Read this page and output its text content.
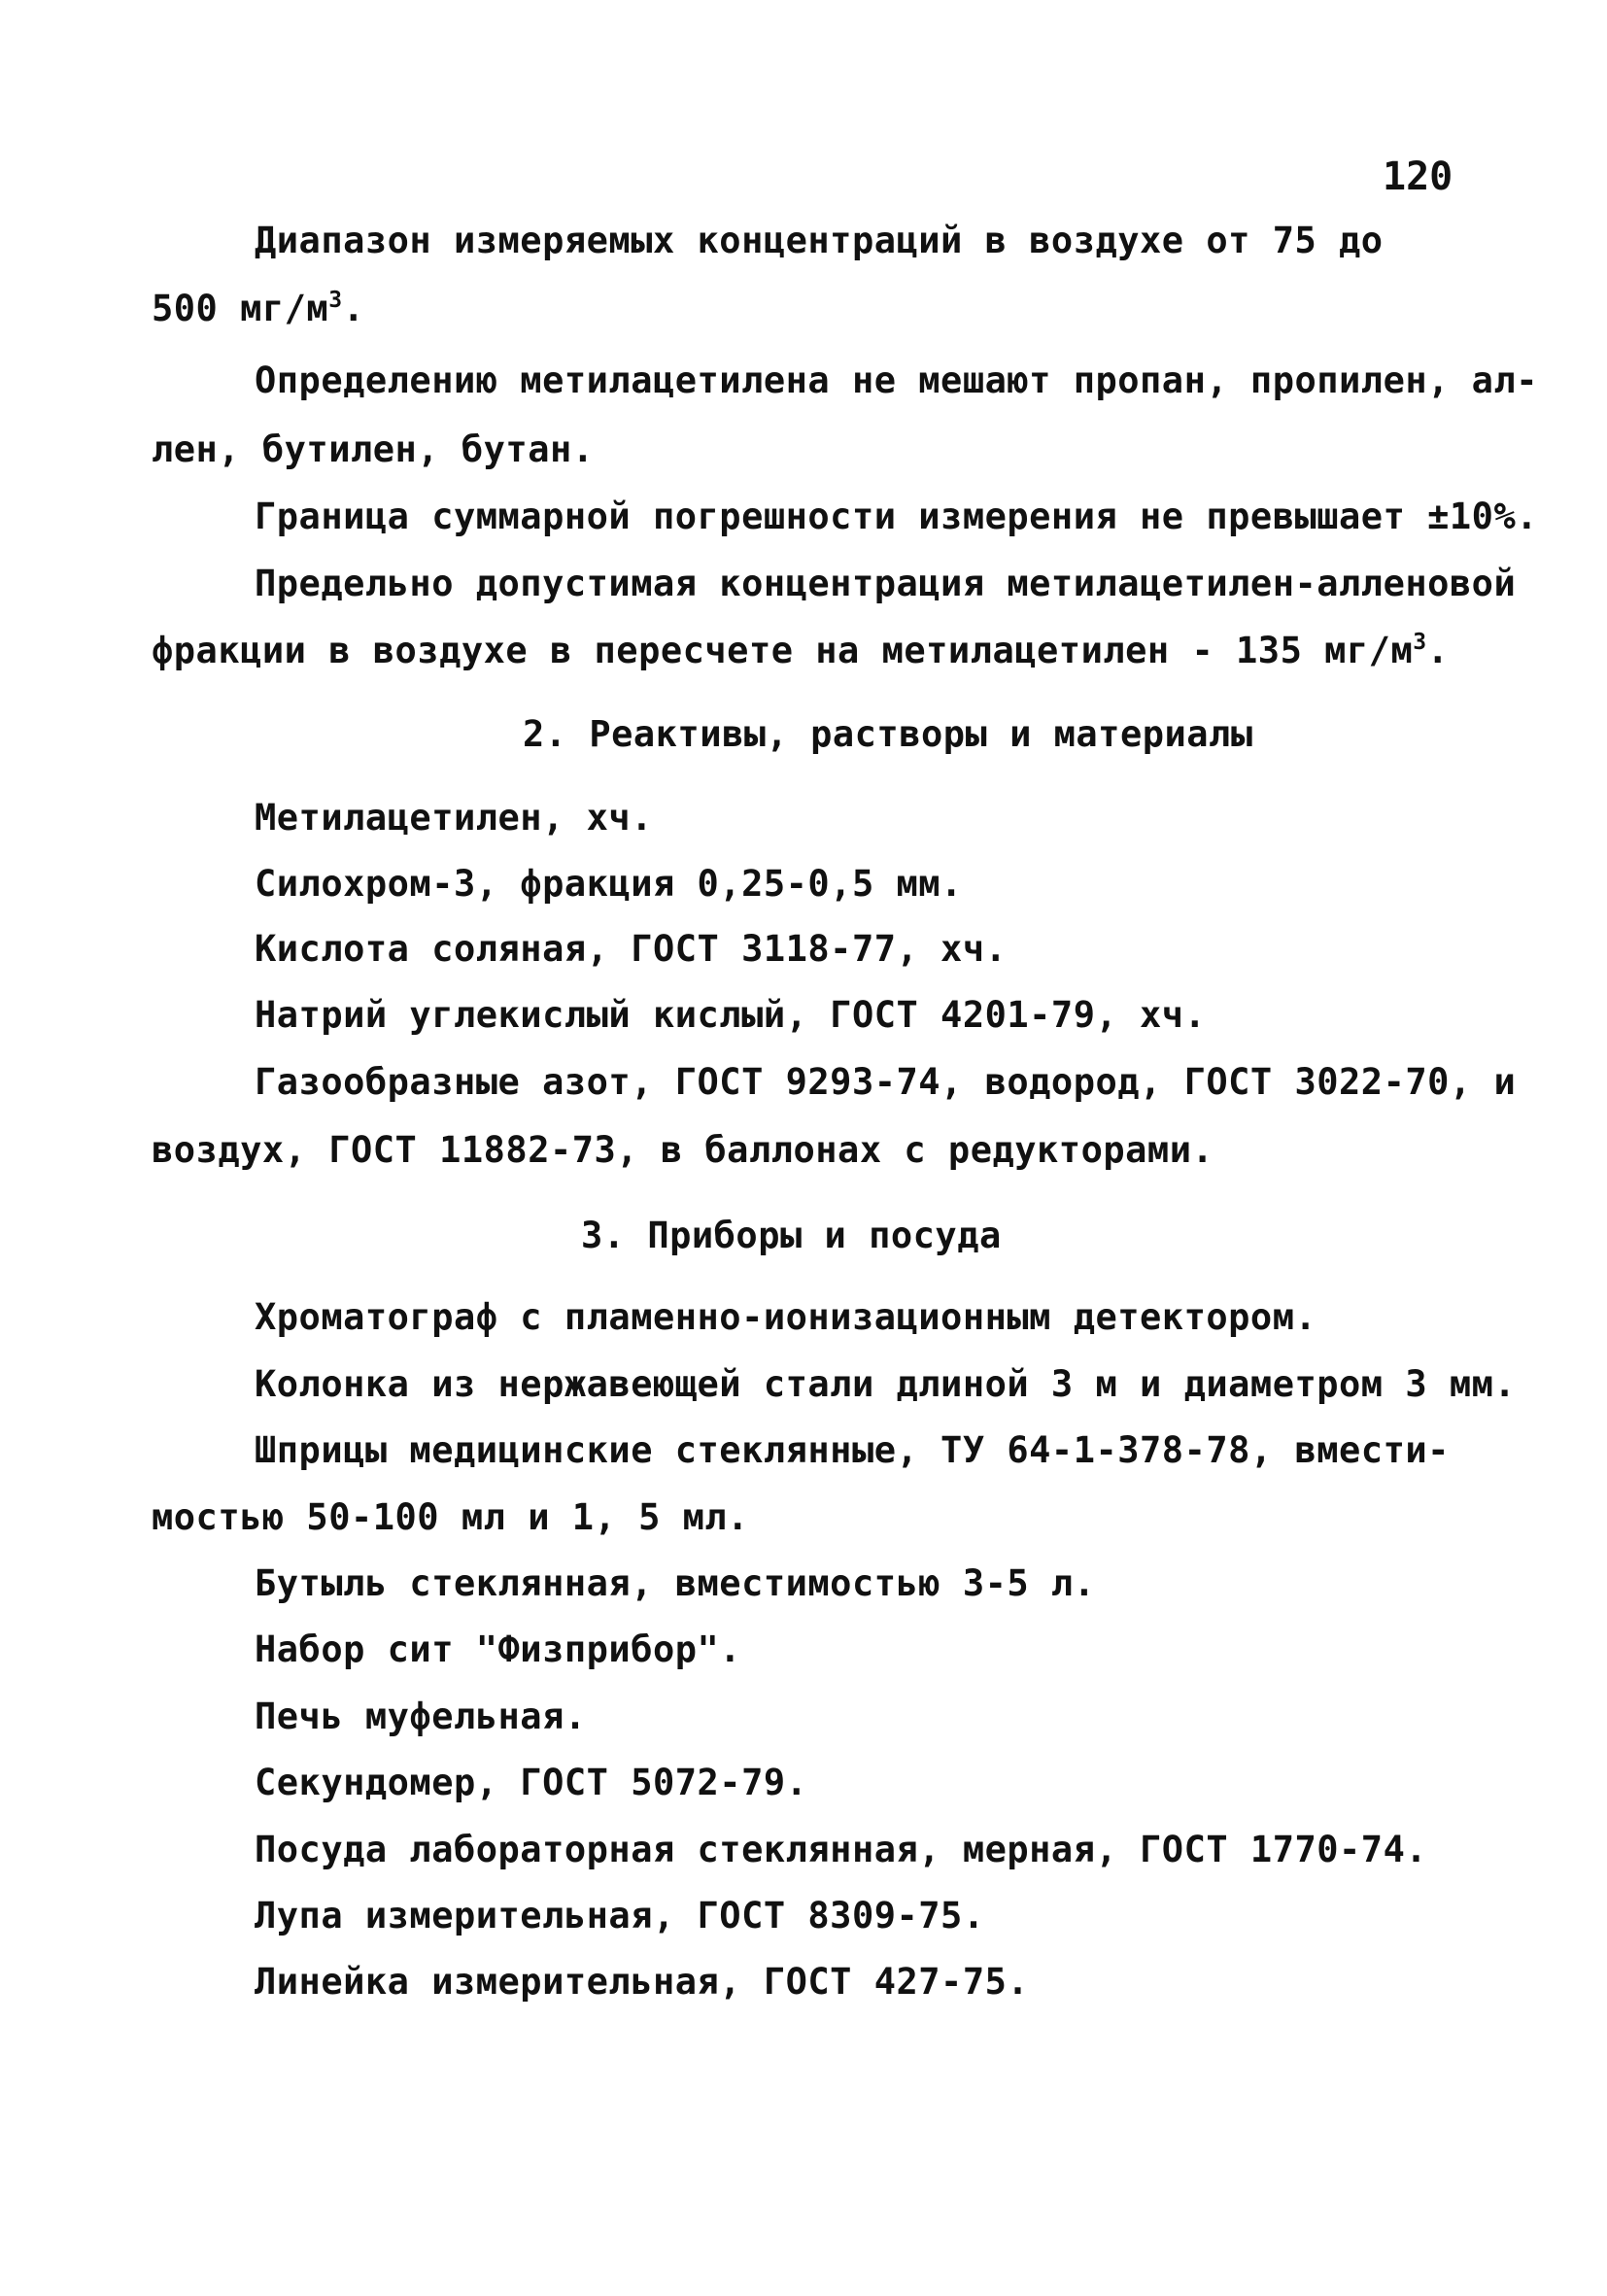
120
Диапазон измеряемых концентраций в воздухе от 75 до
500 $мг/м^3$.
Определению метилацетилена не мешают пропан, пропилен, ал-
лен, бутилен, бутан.
Граница суммарной погрешности измерения не превышает ±10%.
Предельно допустимая концентрация метилацетилен-алленовой
фракции в воздухе в пересчете на метилацетилен - 135 $мг/м^3$.
2. Реактивы, растворы и материалы
Метилацетилен, хч.
Силохром-3, фракция 0,25-0,5 мм.
Кислота соляная, ГОСТ 3118-77, хч.
Натрий углекислый кислый, ГОСТ 4201-79, хч.
Газообразные азот, ГОСТ 9293-74, водород, ГОСТ 3022-70, и
воздух, ГОСТ 11882-73, в баллонах с редукторами.
3. Приборы и посуда
Хроматограф с пламенно-ионизационным детектором.
Колонка из нержавеющей стали длиной 3 м и диаметром 3 мм.
Шприцы медицинские стеклянные, ТУ 64-1-378-78, вмести-
мостью 50-100 мл и 1, 5 мл.
Бутыль стеклянная, вместимостью 3-5 л.
Набор сит "Физприбор".
Печь муфельная.
Секундомер, ГОСТ 5072-79.
Посуда лабораторная стеклянная, мерная, ГОСТ 1770-74.
Лупа измерительная, ГОСТ 8309-75.
Линейка измерительная, ГОСТ 427-75.
